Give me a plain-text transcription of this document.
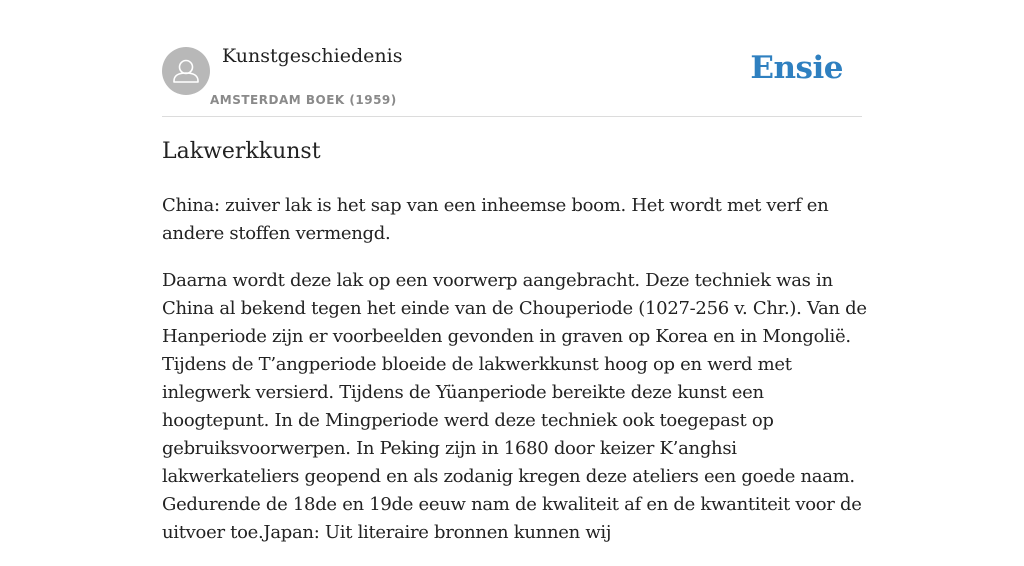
Kunstgeschiedenis
AMSTERDAM BOEK (1959)
Ensie
Lakwerkkunst

China: zuiver lak is het sap van een inheemse boom. Het wordt met verf en andere stoffen vermengd.

Daarna wordt deze lak op een voorwerp aangebracht. Deze techniek was in China al bekend tegen het einde van de Chouperiode (1027-256 v. Chr.). Van de Hanperiode zijn er voorbeelden gevonden in graven op Korea en in Mongolië. Tijdens de T’angperiode bloeide de lakwerkkunst hoog op en werd met inlegwerk versierd. Tijdens de Yüanperiode bereikte deze kunst een hoogtepunt. In de Mingperiode werd deze techniek ook toegepast op gebruiksvoorwerpen. In Peking zijn in 1680 door keizer K’anghsi lakwerkateliers geopend en als zodanig kregen deze ateliers een goede naam. Gedurende de 18de en 19de eeuw nam de kwaliteit af en de kwantiteit voor de uitvoer toe.Japan: Uit literaire bronnen kunnen wij
